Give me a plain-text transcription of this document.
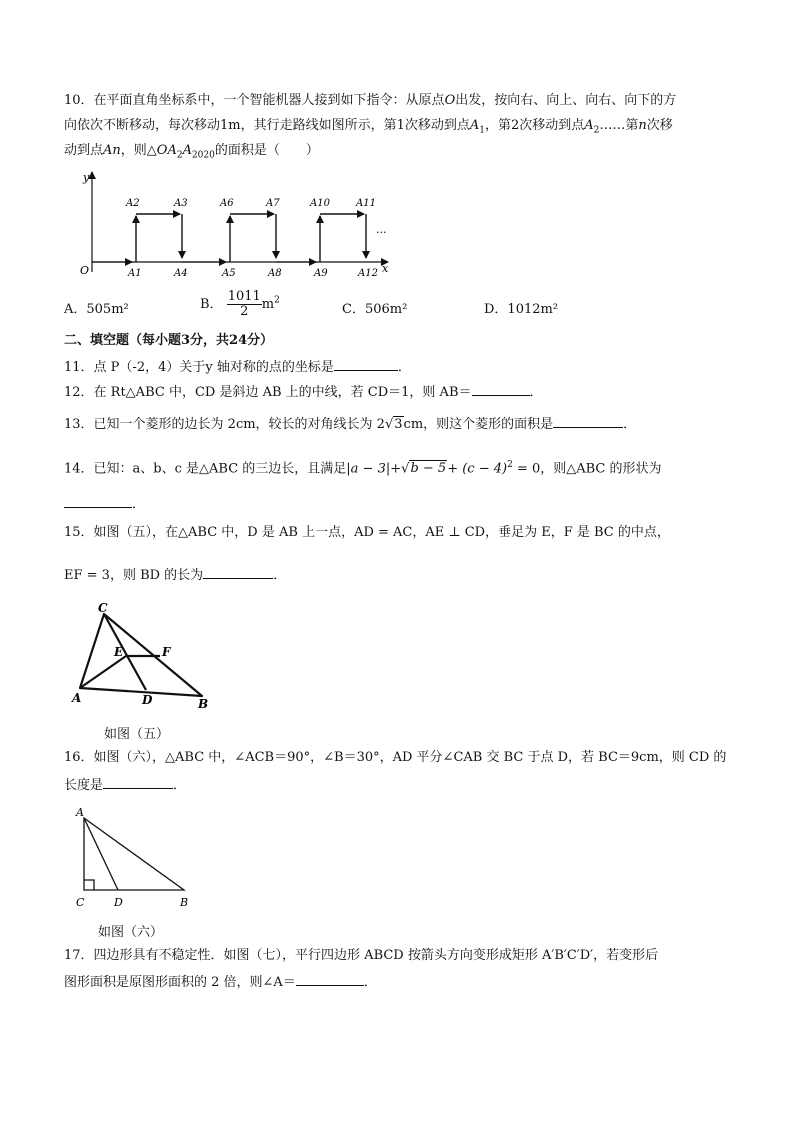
10．在平面直角坐标系中，一个智能机器人接到如下指令：从原点O出发，按向右、向上、向右、向下的方
向依次不断移动，每次移动1m，其行走路线如图所示，第1次移动到点$A_1$，第2次移动到点$A_2\dots\dots$第n次移
动到点An，则$\triangle OA_2A_{2020}$的面积是（　　）
y
x
O
A2	A3	A6	A7	A10	A11
···
A1	A4	A5	A8	A9	A12
A．505m²	B． $\frac{1011}{2} m^2$
C．506m²	D．1012m²
二、填空题（每小题3分，共24分）
11．点 P（-2，4）关于y 轴对称的点的坐标是	．
12．在 Rt△ABC 中，CD 是斜边 AB 上的中线，若 CD＝1，则 AB＝	．
13．已知一个菱形的边长为 2cm，较长的对角线长为 2√3cm，则这个菱形的面积是	．
14．已知：a、b、c 是△ABC 的三边长，且满足$|a - 3|+√b - 5+ (c - 4)^2 = 0$，则△ABC 的形状为
．
15．如图（五），在△ABC 中，D 是 AB 上一点，AD = AC，AE ⊥ CD，垂足为 E，F 是 BC 的中点，
EF = 3，则 BD 的长为	．
C
E	F
A	D	B
如图（五）
16．如图（六），△ABC 中，∠ACB＝90°，∠B＝30°，AD 平分∠CAB 交 BC 于点 D，若 BC＝9cm，则 CD 的
长度是	．
A
C	D	B
如图（六）
17．四边形具有不稳定性．如图（七），平行四边形 ABCD 按箭头方向变形成矩形 A′B′C′D′，若变形后
图形面积是原图形面积的 2 倍，则∠A＝	．
